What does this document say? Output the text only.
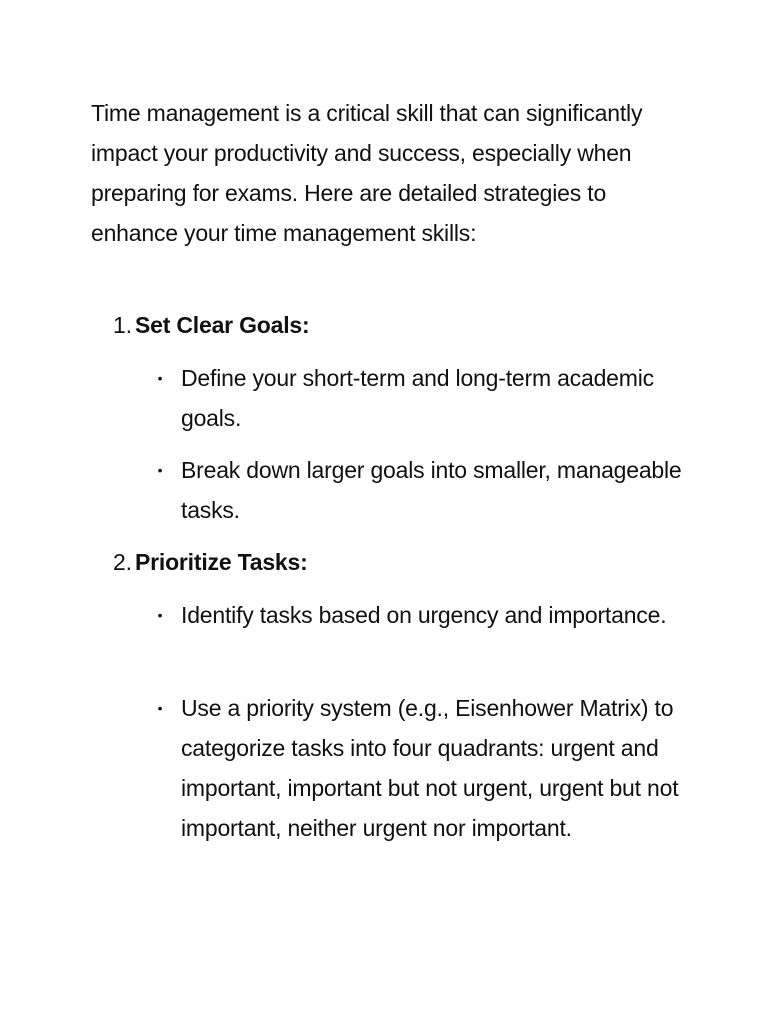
Time management is a critical skill that can significantly impact your productivity and success, especially when preparing for exams. Here are detailed strategies to enhance your time management skills:

1. Set Clear Goals:
• Define your short-term and long-term academic goals.
• Break down larger goals into smaller, manageable tasks.
2. Prioritize Tasks:
• Identify tasks based on urgency and importance.
• Use a priority system (e.g., Eisenhower Matrix) to categorize tasks into four quadrants: urgent and important, important but not urgent, urgent but not important, neither urgent nor important.
